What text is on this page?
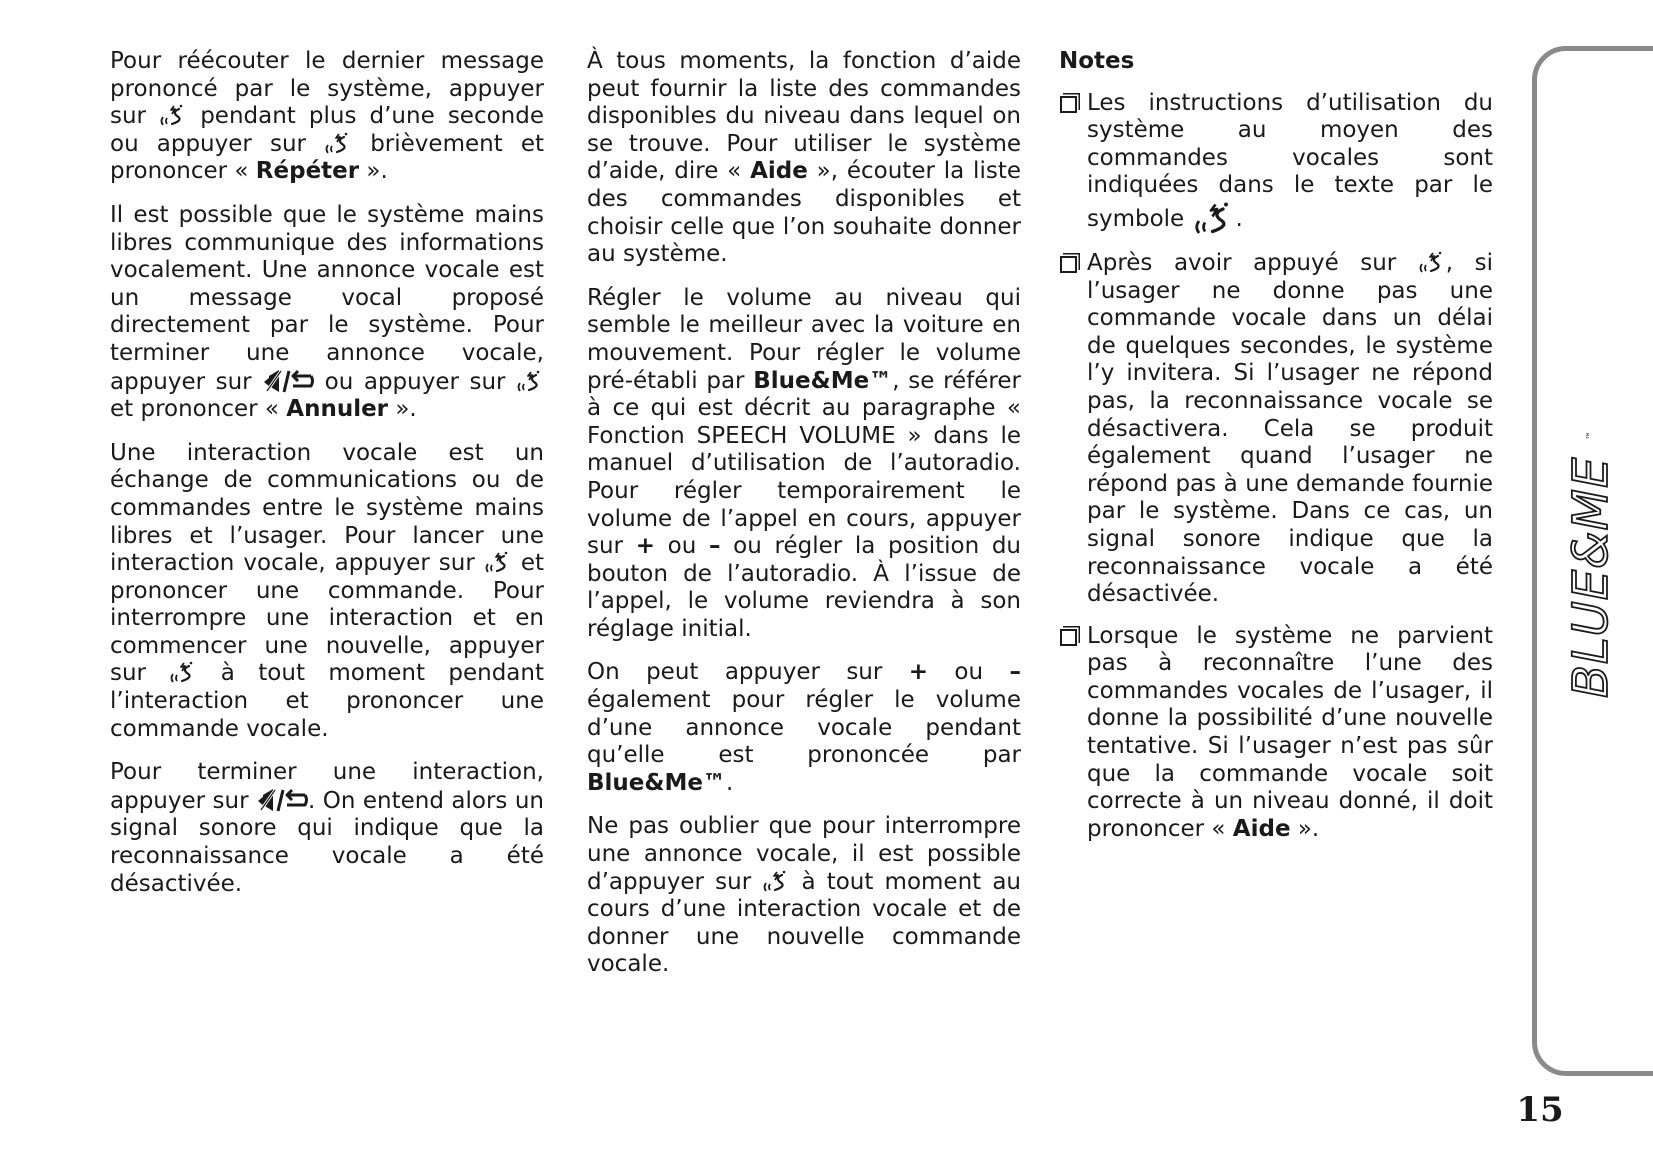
Pour réécouter le dernier message prononcé par le système, appuyer sur  pendant plus d’une seconde ou appuyer sur  brièvement et prononcer « Répéter ».

Il est possible que le système mains libres communique des informations vocalement. Une annonce vocale est un message vocal proposé directement par le système. Pour terminer une annonce vocale, appuyer sur  ou appuyer sur  et prononcer « Annuler ».

Une interaction vocale est un échange de communications ou de commandes entre le système mains libres et l’usager. Pour lancer une interaction vocale, appuyer sur  et prononcer une commande. Pour interrompre une interaction et en commencer une nouvelle, appuyer sur  à tout moment pendant l’interaction et prononcer une commande vocale.

Pour terminer une interaction, appuyer sur . On entend alors un signal sonore qui indique que la reconnaissance vocale a été désactivée.

À tous moments, la fonction d’aide peut fournir la liste des commandes disponibles du niveau dans lequel on se trouve. Pour utiliser le système d’aide, dire « Aide », écouter la liste des commandes disponibles et choisir celle que l’on souhaite donner au système.

Régler le volume au niveau qui semble le meilleur avec la voiture en mouvement. Pour régler le volume pré-établi par Blue&Me™, se référer à ce qui est décrit au paragraphe « Fonction SPEECH VOLUME » dans le manuel d’utilisation de l’autoradio. Pour régler temporairement le volume de l’appel en cours, appuyer sur + ou – ou régler la position du bouton de l’autoradio. À l’issue de l’appel, le volume reviendra à son réglage initial.

On peut appuyer sur + ou – également pour régler le volume d’une annonce vocale pendant qu’elle est prononcée par Blue&Me™.

Ne pas oublier que pour interrompre une annonce vocale, il est possible d’appuyer sur  à tout moment au cours d’une interaction vocale et de donner une nouvelle commande vocale.

Notes
Les instructions d’utilisation du système au moyen des commandes vocales sont indiquées dans le texte par le symbole .
Après avoir appuyé sur , si l’usager ne donne pas une commande vocale dans un délai de quelques secondes, le système l’y invitera. Si l’usager ne répond pas, la reconnaissance vocale se désactivera. Cela se produit également quand l’usager ne répond pas à une demande fournie par le système. Dans ce cas, un signal sonore indique que la reconnaissance vocale a été désactivée.
Lorsque le système ne parvient pas à reconnaître l’une des commandes vocales de l’usager, il donne la possibilité d’une nouvelle tentative. Si l’usager n’est pas sûr que la commande vocale soit correcte à un niveau donné, il doit prononcer « Aide ».
BLUE&ME
™
15
